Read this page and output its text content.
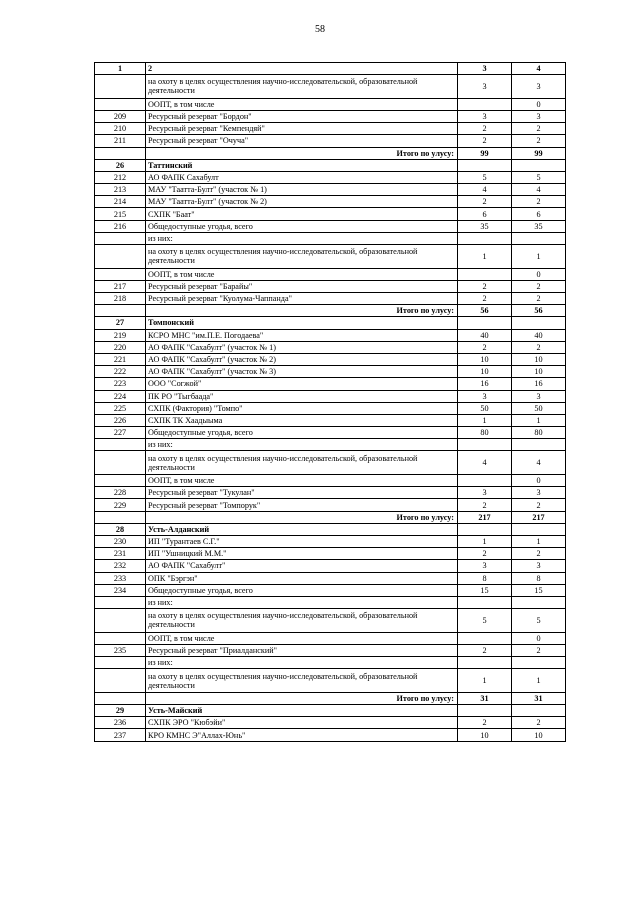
58
1	2	3	4
	на охоту в целях осуществления научно-исследовательской, образовательной деятельности	3	3
	ООПТ, в том числе		0
209	Ресурсный резерват "Бордон"	3	3
210	Ресурсный резерват "Кемпендяй"	2	2
211	Ресурсный резерват "Очуча"	2	2
	Итого по улусу:	99	99
26	Таттинский		
212	АО ФАПК Сахабулт	5	5
213	МАУ "Таатта-Булт" (участок № 1)	4	4
214	МАУ "Таатта-Булт" (участок № 2)	2	2
215	СХПК "Баат"	6	6
216	Общедоступные угодья, всего	35	35
	из них:		
	на охоту в целях осуществления научно-исследовательской, образовательной деятельности	1	1
	ООПТ, в том числе		0
217	Ресурсный резерват "Барайы"	2	2
218	Ресурсный резерват "Куолума-Чаппанда"	2	2
	Итого по улусу:	56	56
27	Томпонский		
219	КСРО МНС "им.П.Е. Погодаева"	40	40
220	АО ФАПК "Сахабулт" (участок № 1)	2	2
221	АО ФАПК "Сахабулт" (участок № 2)	10	10
222	АО ФАПК "Сахабулт" (участок № 3)	10	10
223	ООО "Согжой"	16	16
224	ПК РО "Тыгбаада"	3	3
225	СХПК (Фактория) "Томпо"	50	50
226	СХПК ТК Хаадыыма	1	1
227	Общедоступные угодья, всего	80	80
	из них:		
	на охоту в целях осуществления научно-исследовательской, образовательной деятельности	4	4
	ООПТ, в том числе		0
228	Ресурсный резерват "Тукулан"	3	3
229	Ресурсный резерват "Томпорук"	2	2
	Итого по улусу:	217	217
28	Усть-Алданский		
230	ИП "Турантаев С.Г."	1	1
231	ИП "Ушницкий М.М."	2	2
232	АО ФАПК "Сахабулт"	3	3
233	ОПК "Бэргэн"	8	8
234	Общедоступные угодья, всего	15	15
	из них:		
	на охоту в целях осуществления научно-исследовательской, образовательной деятельности	5	5
	ООПТ, в том числе		0
235	Ресурсный резерват "Приалданский"	2	2
	из них:		
	на охоту в целях осуществления научно-исследовательской, образовательной деятельности	1	1
	Итого по улусу:	31	31
29	Усть-Майский		
236	СХПК ЭРО "Кюбэйи"	2	2
237	КРО КМНС Э"Аллах-Юнь"	10	10
